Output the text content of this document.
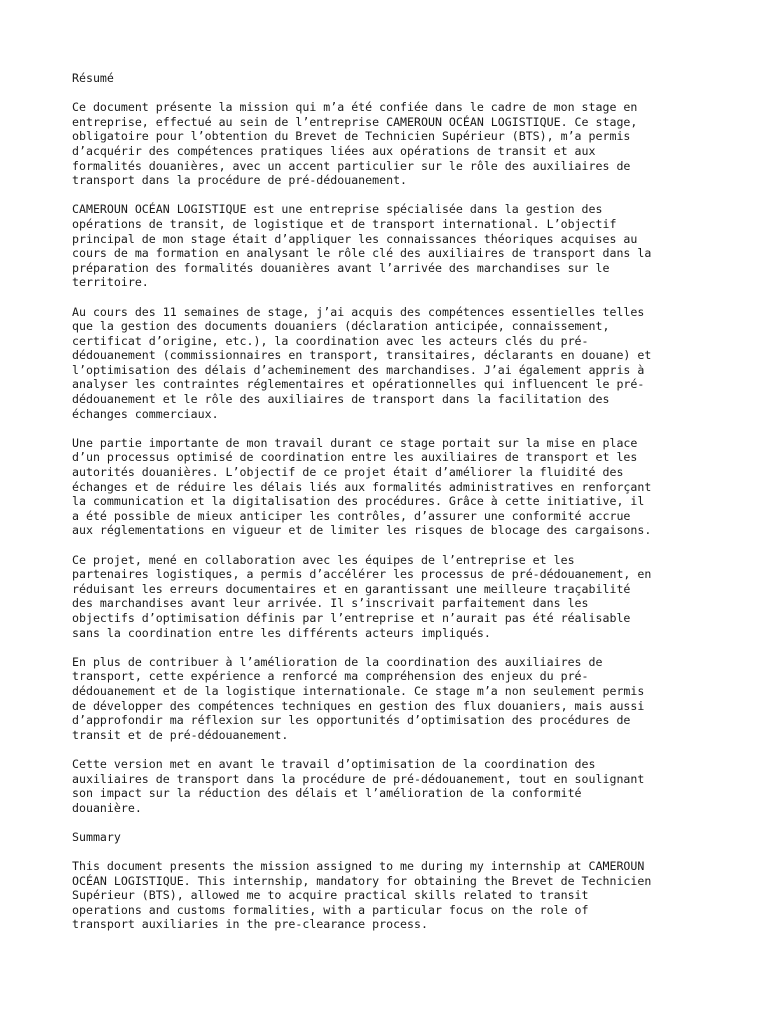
Résumé

Ce document présente la mission qui m’a été confiée dans le cadre de mon stage en
entreprise, effectué au sein de l’entreprise CAMEROUN OCÉAN LOGISTIQUE. Ce stage,
obligatoire pour l’obtention du Brevet de Technicien Supérieur (BTS), m’a permis
d’acquérir des compétences pratiques liées aux opérations de transit et aux
formalités douanières, avec un accent particulier sur le rôle des auxiliaires de
transport dans la procédure de pré-dédouanement.

CAMEROUN OCÉAN LOGISTIQUE est une entreprise spécialisée dans la gestion des
opérations de transit, de logistique et de transport international. L’objectif
principal de mon stage était d’appliquer les connaissances théoriques acquises au
cours de ma formation en analysant le rôle clé des auxiliaires de transport dans la
préparation des formalités douanières avant l’arrivée des marchandises sur le
territoire.

Au cours des 11 semaines de stage, j’ai acquis des compétences essentielles telles
que la gestion des documents douaniers (déclaration anticipée, connaissement,
certificat d’origine, etc.), la coordination avec les acteurs clés du pré-
dédouanement (commissionnaires en transport, transitaires, déclarants en douane) et
l’optimisation des délais d’acheminement des marchandises. J’ai également appris à
analyser les contraintes réglementaires et opérationnelles qui influencent le pré-
dédouanement et le rôle des auxiliaires de transport dans la facilitation des
échanges commerciaux.

Une partie importante de mon travail durant ce stage portait sur la mise en place
d’un processus optimisé de coordination entre les auxiliaires de transport et les
autorités douanières. L’objectif de ce projet était d’améliorer la fluidité des
échanges et de réduire les délais liés aux formalités administratives en renforçant
la communication et la digitalisation des procédures. Grâce à cette initiative, il
a été possible de mieux anticiper les contrôles, d’assurer une conformité accrue
aux réglementations en vigueur et de limiter les risques de blocage des cargaisons.

Ce projet, mené en collaboration avec les équipes de l’entreprise et les
partenaires logistiques, a permis d’accélérer les processus de pré-dédouanement, en
réduisant les erreurs documentaires et en garantissant une meilleure traçabilité
des marchandises avant leur arrivée. Il s’inscrivait parfaitement dans les
objectifs d’optimisation définis par l’entreprise et n’aurait pas été réalisable
sans la coordination entre les différents acteurs impliqués.

En plus de contribuer à l’amélioration de la coordination des auxiliaires de
transport, cette expérience a renforcé ma compréhension des enjeux du pré-
dédouanement et de la logistique internationale. Ce stage m’a non seulement permis
de développer des compétences techniques en gestion des flux douaniers, mais aussi
d’approfondir ma réflexion sur les opportunités d’optimisation des procédures de
transit et de pré-dédouanement.

Cette version met en avant le travail d’optimisation de la coordination des
auxiliaires de transport dans la procédure de pré-dédouanement, tout en soulignant
son impact sur la réduction des délais et l’amélioration de la conformité
douanière.

Summary

This document presents the mission assigned to me during my internship at CAMEROUN
OCÉAN LOGISTIQUE. This internship, mandatory for obtaining the Brevet de Technicien
Supérieur (BTS), allowed me to acquire practical skills related to transit
operations and customs formalities, with a particular focus on the role of
transport auxiliaries in the pre-clearance process.
